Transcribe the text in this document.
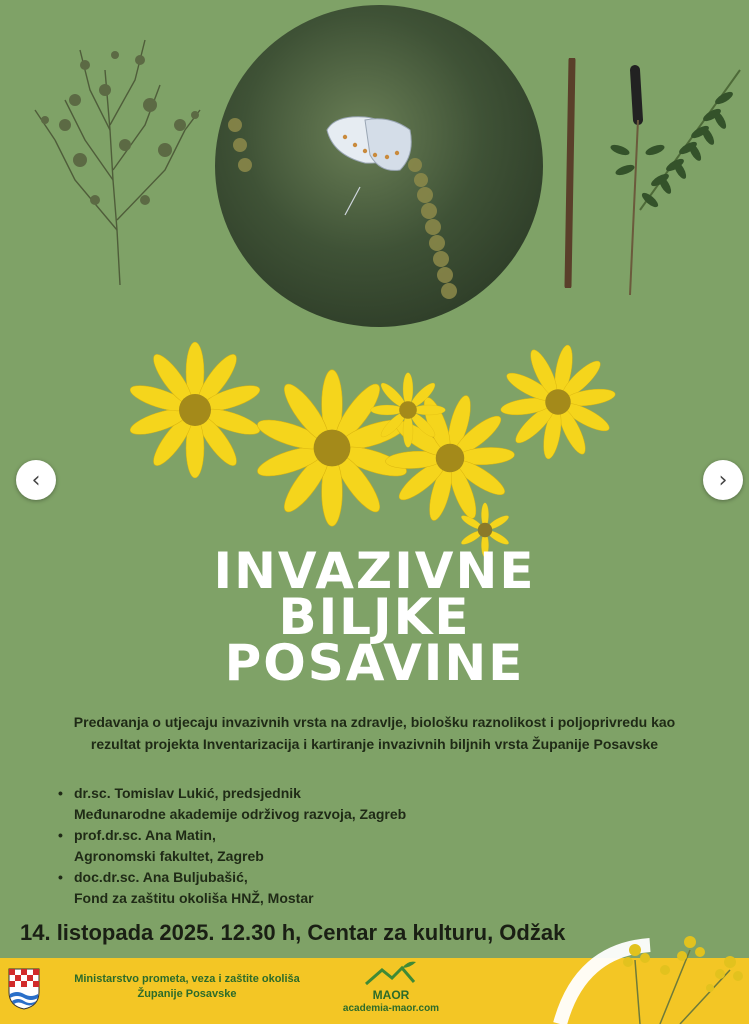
‹	›
INVAZIVNE
BILJKE
POSAVINE
Predavanja o utjecaju invazivnih vrsta na zdravlje, biološku raznolikost i poljoprivredu kao
rezultat projekta Inventarizacija i kartiranje invazivnih biljnih vrsta Županije Posavske
• dr.sc. Tomislav Lukić, predsjednik
Međunarodne akademije održivog razvoja, Zagreb
• prof.dr.sc. Ana Matin,
Agronomski fakultet, Zagreb
• doc.dr.sc. Ana Buljubašić,
Fond za zaštitu okoliša HNŽ, Mostar
14. listopada 2025. 12.30 h, Centar za kulturu, Odžak
Ministarstvo prometa, veza i zaštite okoliša
Županije Posavske	MAOR
academia-maor.com
